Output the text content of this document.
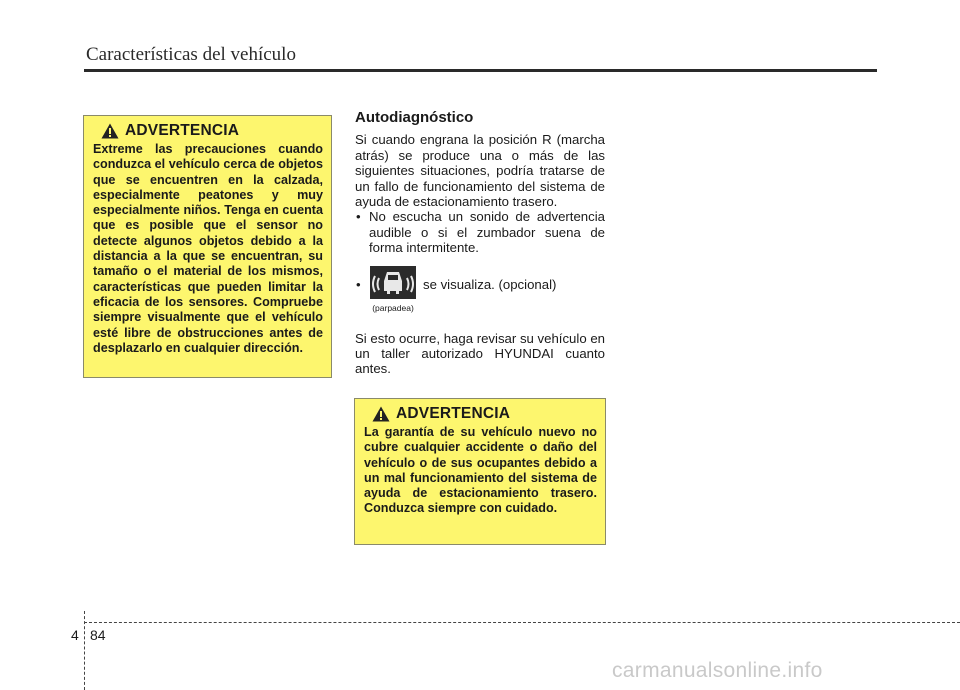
Características del vehículo
ADVERTENCIA
Extreme las precauciones cuando conduzca el vehículo cerca de objetos que se encuentren en la calzada, especialmente peatones y muy especialmente niños. Tenga en cuenta que es posible que el sensor no detecte algunos objetos debido a la distancia a la que se encuentran, su tamaño o el material de los mismos, características que pueden limitar la eficacia de los sensores. Compruebe siempre visualmente que el vehículo esté libre de obstrucciones antes de desplazarlo en cualquier dirección.
Autodiagnóstico

Si cuando engrana la posición R (marcha atrás) se produce una o más de las siguientes situaciones, podría tratarse de un fallo de funcionamiento del sistema de ayuda de estacionamiento trasero.

• No escucha un sonido de advertencia audible o si el zumbador suena de forma intermitente.
•
(parpadea)
se visualiza. (opcional)

Si esto ocurre, haga revisar su vehículo en un taller autorizado HYUNDAI cuanto antes.

ADVERTENCIA
La garantía de su vehículo nuevo no cubre cualquier accidente o daño del vehículo o de sus ocupantes debido a un mal funcionamiento del sistema de ayuda de estacionamiento trasero. Conduzca siempre con cuidado.
4 84
carmanualsonline.info
